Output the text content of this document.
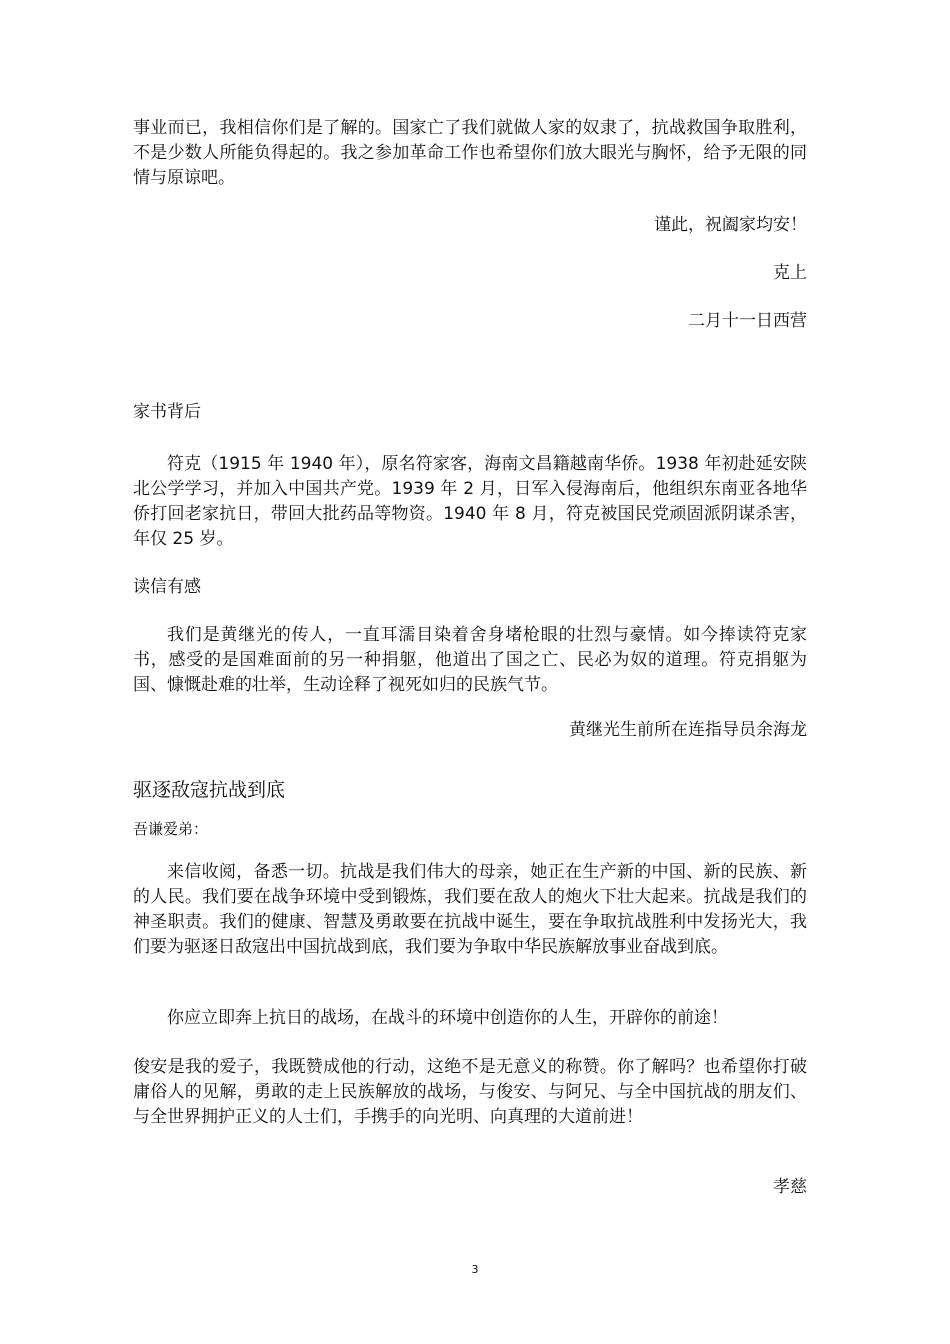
事业而已，我相信你们是了解的。国家亡了我们就做人家的奴隶了，抗战救国争取胜利，不是少数人所能负得起的。我之参加革命工作也希望你们放大眼光与胸怀，给予无限的同情与原谅吧。

谨此，祝阖家均安！

克上

二月十一日西营

家书背后

符克（1915 年 1940 年），原名符家客，海南文昌籍越南华侨。1938 年初赴延安陕北公学学习，并加入中国共产党。1939 年 2 月，日军入侵海南后，他组织东南亚各地华侨打回老家抗日，带回大批药品等物资。1940 年 8 月，符克被国民党顽固派阴谋杀害，年仅 25 岁。

读信有感

我们是黄继光的传人，一直耳濡目染着舍身堵枪眼的壮烈与豪情。如今捧读符克家书，感受的是国难面前的另一种捐躯，他道出了国之亡、民必为奴的道理。符克捐躯为国、慷慨赴难的壮举，生动诠释了视死如归的民族气节。

黄继光生前所在连指导员余海龙

驱逐敌寇抗战到底

吾谦爱弟：

来信收阅，备悉一切。抗战是我们伟大的母亲，她正在生产新的中国、新的民族、新的人民。我们要在战争环境中受到锻炼，我们要在敌人的炮火下壮大起来。抗战是我们的神圣职责。我们的健康、智慧及勇敢要在抗战中诞生，要在争取抗战胜利中发扬光大，我们要为驱逐日敌寇出中国抗战到底，我们要为争取中华民族解放事业奋战到底。

你应立即奔上抗日的战场，在战斗的环境中创造你的人生，开辟你的前途！

俊安是我的爱子，我既赞成他的行动，这绝不是无意义的称赞。你了解吗？也希望你打破庸俗人的见解，勇敢的走上民族解放的战场，与俊安、与阿兄、与全中国抗战的朋友们、与全世界拥护正义的人士们，手携手的向光明、向真理的大道前进！

孝慈

3
